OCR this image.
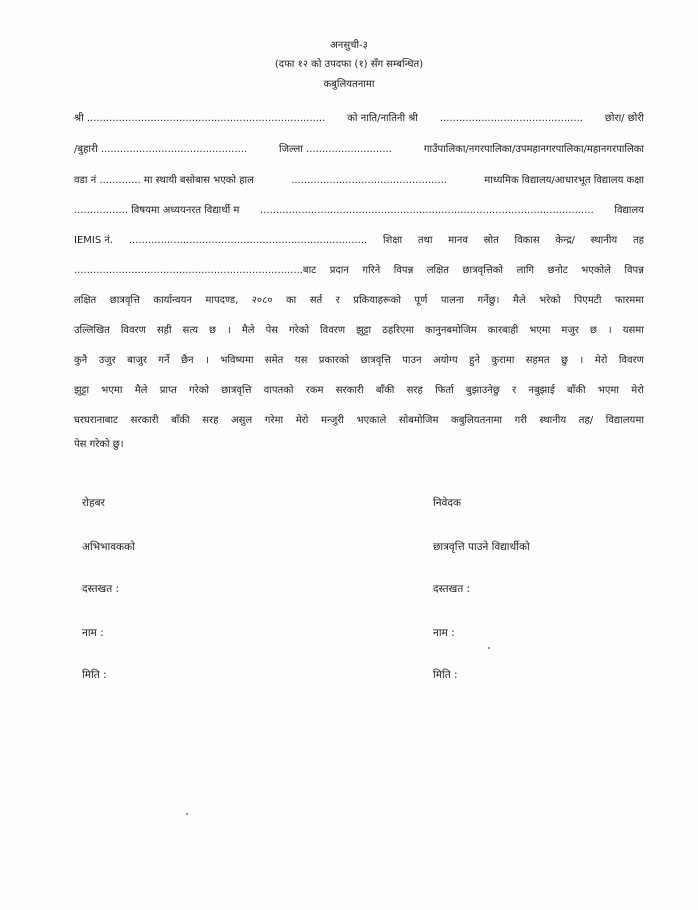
अनसुची-३
(दफा १२ को उपदफा (१) सँग सम्बन्धित)
कबुलियतनामा
श्री ........................................................................... को नाति/नातिनी श्री ............................................. छोरा/ छोरी
/बुहारी ..............................................	जिल्ला ...........................	गाउँपालिका/नगरपालिका/उपमहानगरपालिका/महानगरपालिका
वडा नं ............. मा स्थायी बसोबास भएको हाल	.................................................	माध्यमिक विद्यालय/आधारभूत विद्यालय कक्षा
................. विषयमा अध्ययनरत विद्यार्थी म ......................................................................................................... विद्यालय
IEMIS नं. ........................................................................... शिक्षा तथा मानव स्रोत विकास केन्द्र/ स्थानीय तह
........................................................................बाट प्रदान गरिने विपन्न लक्षित छात्रवृत्तिको लागि छनोट भएकोले विपन्न
लक्षित छात्रवृत्ति कार्यान्वयन मापदण्ड, २०८० का सर्त र प्रकियाहरूको पूर्ण पालना गर्नेछु। मैले भरेको पिएमटी फारममा
उल्लिखित विवरण सही सत्य छ । मैले पेस गरेको विवरण झुट्टा ठहरिएमा कानुनबमोजिम कारबाही भएमा मजुर छ । यसमा
कुनै उजुर बाजुर गर्ने छैन । भविष्यमा समेत यस प्रकारको छात्रवृत्ति पाउन अयोग्य हुने कुरामा सहमत छु । मेरो विवरण
झुट्टा भएमा मैले प्राप्त गरेको छात्रवृत्ति वापतको रकम सरकारी बाँकी सरह फिर्ता बुझाउनेछु र नबुझाई बाँकी भएमा मेरो
घरघरानाबाट सरकारी बाँकी सरह असुल गरेमा मेरो मन्जुरी भएकाले सोबमोजिम कबुलियतनामा गरी स्थानीय तह/ विद्यालयमा
पेस गरेको छु।
रोहबर
अभिभावकको
दस्तखत :
नाम :
मिति :
निवेदक
छात्रवृत्ति पाउने विद्यार्थीको
दस्तखत :
नाम :
मिति :
